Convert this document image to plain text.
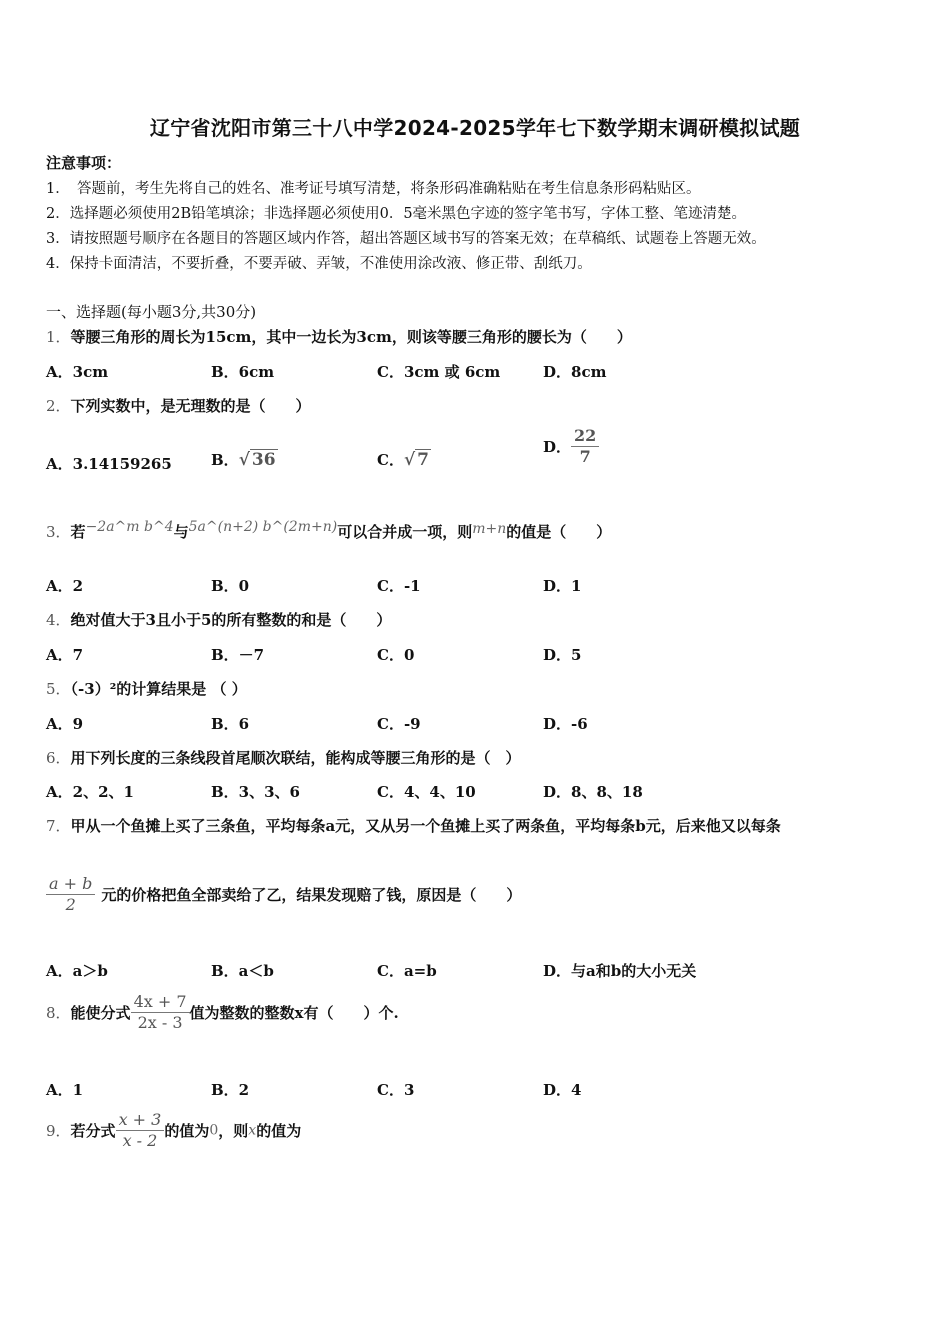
辽宁省沈阳市第三十八中学2024-2025学年七下数学期末调研模拟试题
注意事项：
1．　答题前，考生先将自己的姓名、准考证号填写清楚，将条形码准确粘贴在考生信息条形码粘贴区。
2．选择题必须使用2B铅笔填涂；非选择题必须使用0．5毫米黑色字迹的签字笔书写，字体工整、笔迹清楚。
3．请按照题号顺序在各题目的答题区域内作答，超出答题区域书写的答案无效；在草稿纸、试题卷上答题无效。
4．保持卡面清洁，不要折叠，不要弄破、弄皱，不准使用涂改液、修正带、刮纸刀。
一、选择题(每小题3分,共30分)
1．等腰三角形的周长为15cm，其中一边长为3cm，则该等腰三角形的腰长为（　　）
A．3cm	B．6cm	C．3cm 或 6cm	D．8cm
2．下列实数中，是无理数的是（　　）
A．3.14159265	B．√ 36	C．√ 7
D． $\frac{22}{7}$
3．若−2a^m b^4与5a^(n+2) b^(2m+n)可以合并成一项，则m+n的值是（　　）
A．2	B．0	C．-1	D．1
4．绝对值大于3且小于5的所有整数的和是（　　）
A．7	B．－7	C．0	D．5
5．（-3）²的计算结果是 （ ）
A．9	B．6	C．-9	D．-6
6．用下列长度的三条线段首尾顺次联结，能构成等腰三角形的是（　）
A．2、2、1	B．3、3、6	C．4、4、10	D．8、8、18
7．甲从一个鱼摊上买了三条鱼，平均每条a元，又从另一个鱼摊上买了两条鱼，平均每条b元，后来他又以每条
$\frac{a + b}{2}$ 元的价格把鱼全部卖给了乙，结果发现赔了钱，原因是（　　）
A．a＞b	B．a＜b	C．a=b	D．与a和b的大小无关
8．能使分式 $\frac{4x + 7}{2x - 3}$ 值为整数的整数x有（　　）个.
A．1	B．2	C．3	D．4
9．若分式 $\frac{x + 3}{x - 2}$ 的值为0，则x的值为
